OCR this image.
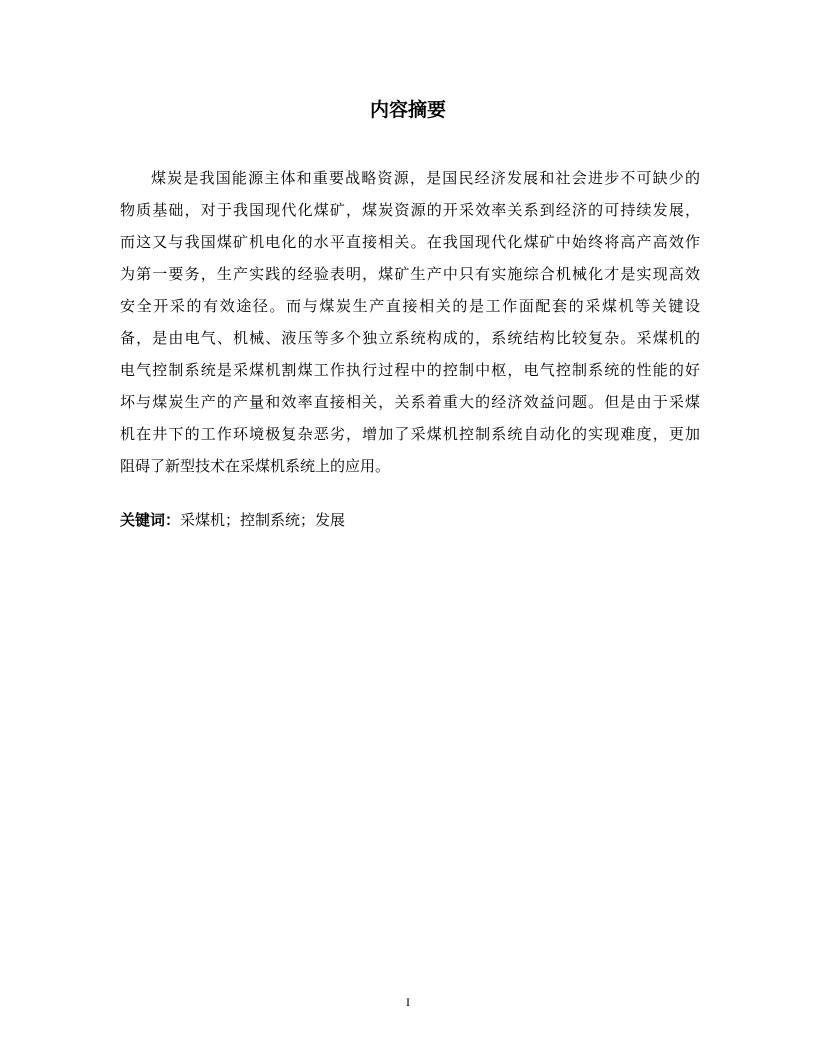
内容摘要
煤炭是我国能源主体和重要战略资源，是国民经济发展和社会进步不可缺少的
物质基础，对于我国现代化煤矿，煤炭资源的开采效率关系到经济的可持续发展，
而这又与我国煤矿机电化的水平直接相关。在我国现代化煤矿中始终将高产高效作
为第一要务，生产实践的经验表明，煤矿生产中只有实施综合机械化才是实现高效
安全开采的有效途径。而与煤炭生产直接相关的是工作面配套的采煤机等关键设
备，是由电气、机械、液压等多个独立系统构成的，系统结构比较复杂。采煤机的
电气控制系统是采煤机割煤工作执行过程中的控制中枢，电气控制系统的性能的好
坏与煤炭生产的产量和效率直接相关，关系着重大的经济效益问题。但是由于采煤
机在井下的工作环境极复杂恶劣，增加了采煤机控制系统自动化的实现难度，更加
阻碍了新型技术在采煤机系统上的应用。
关键词：采煤机；控制系统；发展
I
